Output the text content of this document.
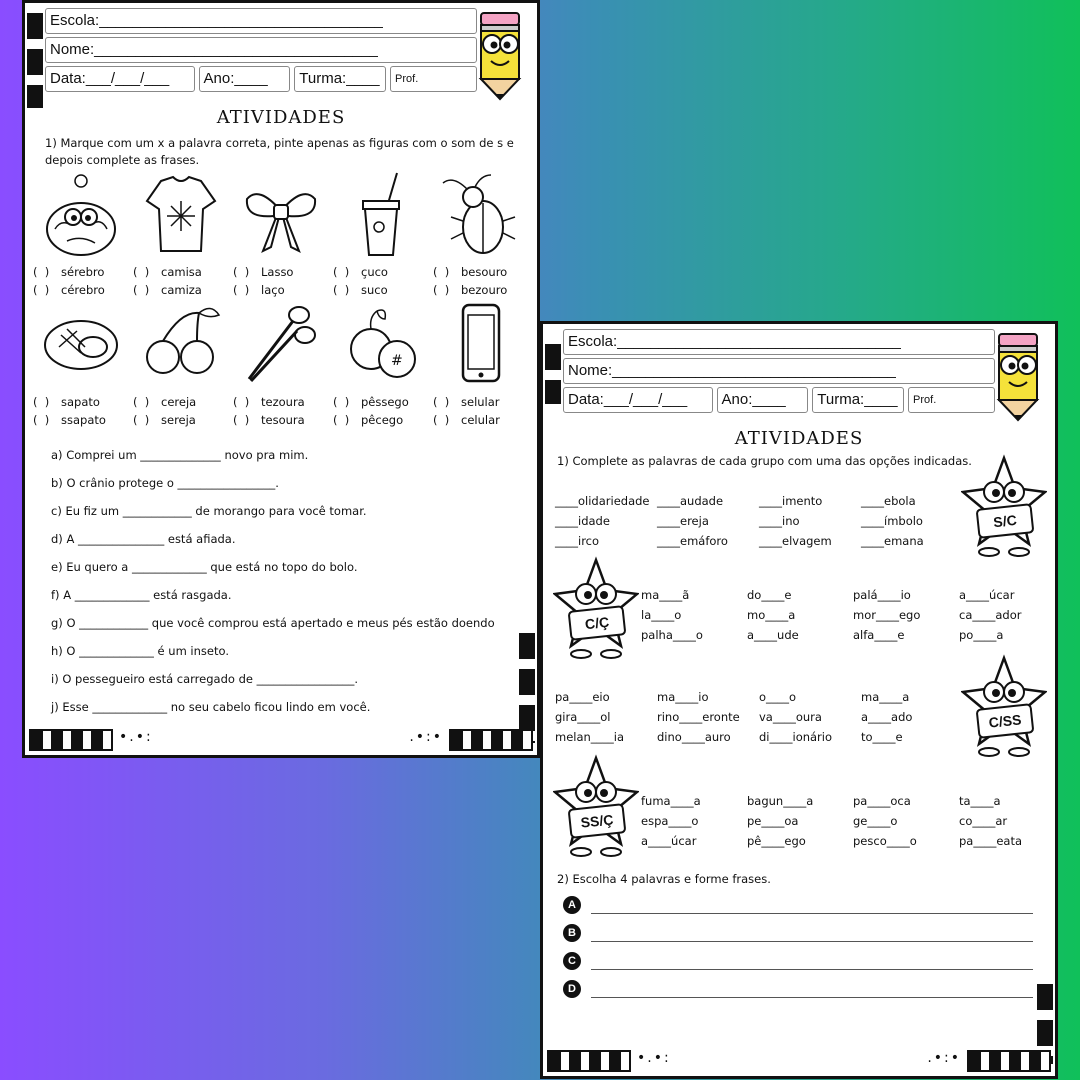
Escola:__________________________________
Nome:__________________________________
Data:___/___/___	Ano:____	Turma:____	Prof.
ATIVIDADES
1) Marque com um x a palavra correta, pinte apenas as figuras com o som de s e depois complete as frases.
(  ) sérebro
(  ) cérebro
(  ) camisa
(  ) camiza
(  ) Lasso
(  ) laço
(  ) çuco
(  ) suco
(  ) besouro
(  ) bezouro
(  ) sapato
(  ) ssapato
(  ) cereja
(  ) sereja
(  ) tezoura
(  ) tesoura
#
(  ) pêssego
(  ) pêcego
(  ) selular
(  ) celular
a) Comprei um ______________ novo pra mim.
b) O crânio protege o _________________.
c) Eu fiz um ____________ de morango para você tomar.
d) A _______________ está afiada.
e) Eu quero a _____________ que está no topo do bolo.
f) A _____________ está rasgada.
g) O ____________ que você comprou está apertado e meus pés estão doendo
h) O _____________ é um inseto.
i) O pessegueiro está carregado de _________________.
j) Esse _____________ no seu cabelo ficou lindo em você.
•.•:	.•:•
Escola:__________________________________
Nome:__________________________________
Data:___/___/___	Ano:____	Turma:____	Prof.
ATIVIDADES
1) Complete as palavras de cada grupo com uma das opções indicadas.
____olidariedade ____audade	____imento	____ebola
____idade	____ereja	____ino	____ímbolo
____irco	____emáforo	____elvagem	____emana
S/C
C/Ç
ma____ã	do____e	palá____io	a____úcar
la____o	mo____a	mor____ego	ca____ador
palha____o	a____ude	alfa____e	po____a
pa____eio	ma____io	o____o	ma____a
gira____ol	rino____eronte	va____oura	a____ado
melan____ia	dino____auro	di____ionário	to____e
C/SS
SS/Ç
fuma____a	bagun____a	pa____oca	ta____a
espa____o	pe____oa	ge____o	co____ar
a____úcar	pê____ego	pesco____o	pa____eata
2) Escolha 4 palavras e forme frases.
A
B
C
D
•.•:	.•:•
